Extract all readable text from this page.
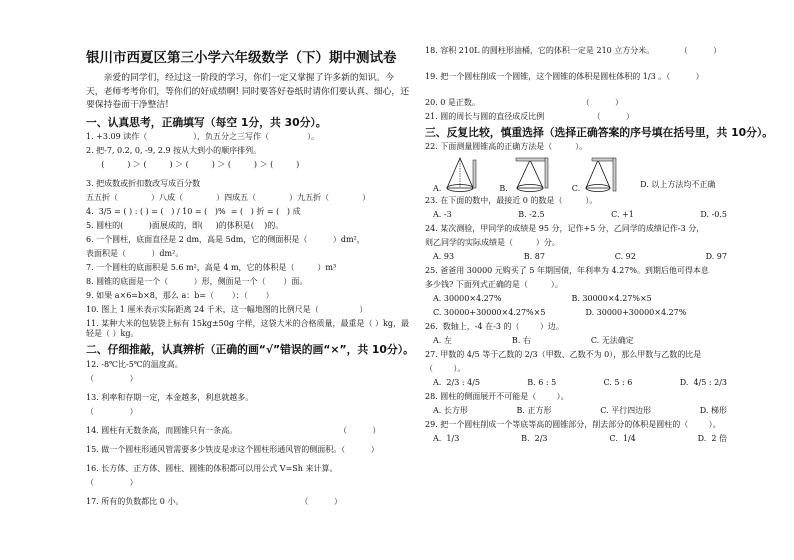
银川市西夏区第三小学六年级数学（下）期中测试卷
亲爱的同学们，经过这一阶段的学习，你们一定又掌握了许多新的知识。今天，老师考考你们，等你们的好成绩啊! 同时要答好卷纸时请你们要认真、细心，还要保持卷面干净整洁!
一、认真思考，正确填写（每空 1分，共 30分）。
1. +3.09 读作（                  ），负五分之三写作（               ）。
2. 把-7, 0.2, 0, -9, 2.9 按从大到小的顺序排列。
(         ) ＞ (         ) ＞ (         ) ＞ (         ) ＞ (         )
3. 把成数或折扣数改写成百分数
五五折（             ）八成（             ）四成五（             ）九五折（             ）
4.  3/5 = ( ) : ( ) = (   ) / 10 = (   )%  = (   ) 折 = (   ) 成
5. 圆柱的(          )面展成的，即(     )的体积是(    )的。
6. 一个圆柱，底面直径是 2 dm，高是 5dm，它的侧面积是（          ）dm²，
表面积是（          ）dm²。
7. 一个圆柱的底面积是 5.6 m²，高是 4 m，它的体积是（         ）m³
8. 圆锥的底面是一个（          ）形，侧面是一个（       ）面。
9. 如果 a×6=b×8，那么 a：b=（       ）：（       ）
10. 图上 1 厘米表示实际距离 24 千米，这一幅地图的比例尺是（                ）
11. 某种大米的包装袋上标有 15kg±50g 字样，这袋大米的合格质量，最重是（ ）kg，最轻是（ ）kg。
二、仔细推敲，认真辨析（正确的画“√”错误的画“×”，共 10分）。
12. -8℃比-5℃的温度高。
（              ）
13. 利率和存期一定，本金越多，利息就越多。
（              ）
14. 圆柱有无数条高，而圆锥只有一条高。                                        （          ）
15. 做一个圆柱形通风管需要多少铁皮是求这个圆柱形通风管的侧面积。（          ）
16. 长方体、正方体、圆柱、圆锥的体积都可以用公式 V=Sh 来计算。
（              ）
17. 所有的负数都比 0 小。                                              （          ）
18. 容积 210L 的圆柱形油桶，它的体积一定是 210 立方分米。          （          ）
19. 把一个圆柱削成一个圆锥，这个圆锥的体积是圆柱体积的 1/3 。（          ）
20. 0 是正数。                                        （          ）
21. 圆的周长与圆的直径成反比例                   （          ）
三、反复比较，慎重选择（选择正确答案的序号填在括号里，共 10分）。
22. 下面测量圆锥高的正确方法是（         ）。
A.	B.	C.	D. 以上方法均不正确
23. 在下面的数中，最接近 0 的数是（         ）。
A. -3	B. -2.5	C. +1	D. -0.5
24. 某次测验，甲同学的成绩是 95 分，记作+5 分，乙同学的成绩记作-3 分，
则乙同学的实际成绩是（         ）分。
A. 93	B. 87	C. 92	D. 97
25. 爸爸用 30000 元购买了 5 年期国债，年利率为 4.27%。到期后他可得本息
多少钱? 下面列式正确的是（         ）。
A. 30000×4.27%	B. 30000×4.27%×5
C. 30000+30000×4.27%×5	D. 30000+30000×4.27%
26.  数轴上，-4 在-3 的（        ）边。
A. 左	B. 右	C. 无法确定
27. 甲数的 4/5 等于乙数的 2/3（甲数、乙数不为 0），那么甲数与乙数的比是
（        ）。
A.  2/3 : 4/5	B. 6 : 5	C. 5 : 6	D.  4/5 : 2/3
28. 圆柱的侧面展开不可能是（        ）。
A. 长方形	B. 正方形	C. 平行四边形	D. 梯形
29. 把一个圆柱削成一个等底等高的圆锥部分，削去部分的体积是圆柱的（        ）。
A.  1/3	B.  2/3	C.  1/4	D.  2 倍
